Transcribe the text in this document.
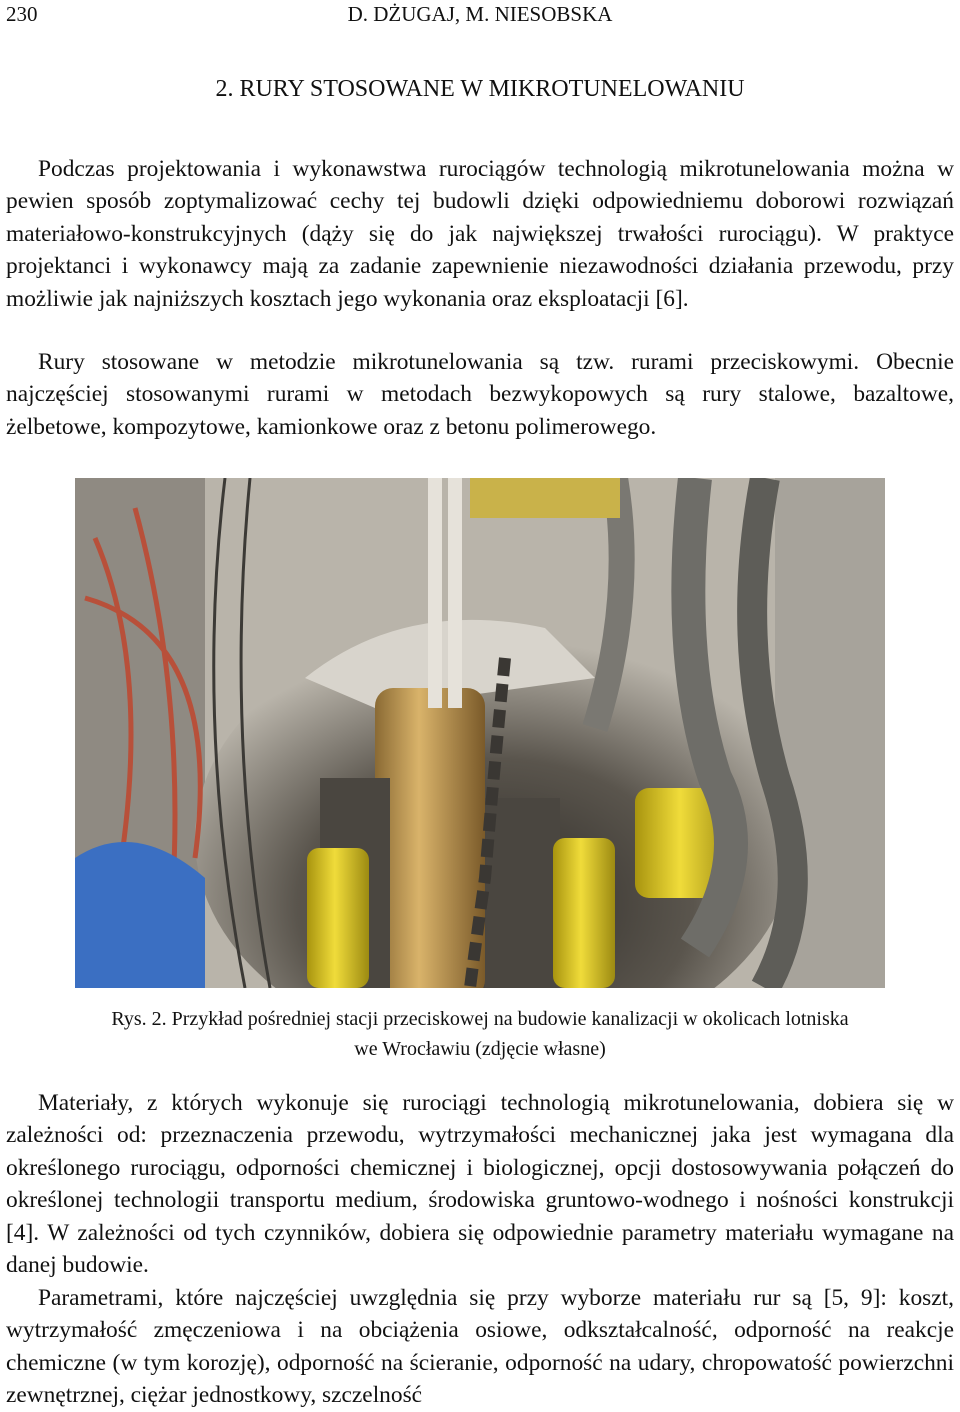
230	D. DŻUGAJ, M. NIESOBSKA
2. RURY STOSOWANE W MIKROTUNELOWANIU

Podczas projektowania i wykonawstwa rurociągów technologią mikrotunelowania można w pewien sposób zoptymalizować cechy tej budowli dzięki odpowiedniemu doborowi rozwiązań materiałowo-konstrukcyjnych (dąży się do jak największej trwałości rurociągu). W praktyce projektanci i wykonawcy mają za zadanie zapewnienie niezawodności działania przewodu, przy możliwie jak najniższych kosztach jego wykonania oraz eksploatacji [6].

Rury stosowane w metodzie mikrotunelowania są tzw. rurami przeciskowymi. Obecnie najczęściej stosowanymi rurami w metodach bezwykopowych są rury stalowe, bazaltowe, żelbetowe, kompozytowe, kamionkowe oraz z betonu polimerowego.

Rys. 2. Przykład pośredniej stacji przeciskowej na budowie kanalizacji w okolicach lotniska
we Wrocławiu (zdjęcie własne)

Materiały, z których wykonuje się rurociągi technologią mikrotunelowania, dobiera się w zależności od: przeznaczenia przewodu, wytrzymałości mechanicznej jaka jest wymagana dla określonego rurociągu, odporności chemicznej i biologicznej, opcji dostosowywania połączeń do określonej technologii transportu medium, środowiska gruntowo-wodnego i nośności konstrukcji [4]. W zależności od tych czynników, dobiera się odpowiednie parametry materiału wymagane na danej budowie.

Parametrami, które najczęściej uwzględnia się przy wyborze materiału rur są [5, 9]: koszt, wytrzymałość zmęczeniowa i na obciążenia osiowe, odkształcalność, odporność na reakcje chemiczne (w tym korozję), odporność na ścieranie, odporność na udary, chropowatość powierzchni zewnętrznej, ciężar jednostkowy, szczelność
